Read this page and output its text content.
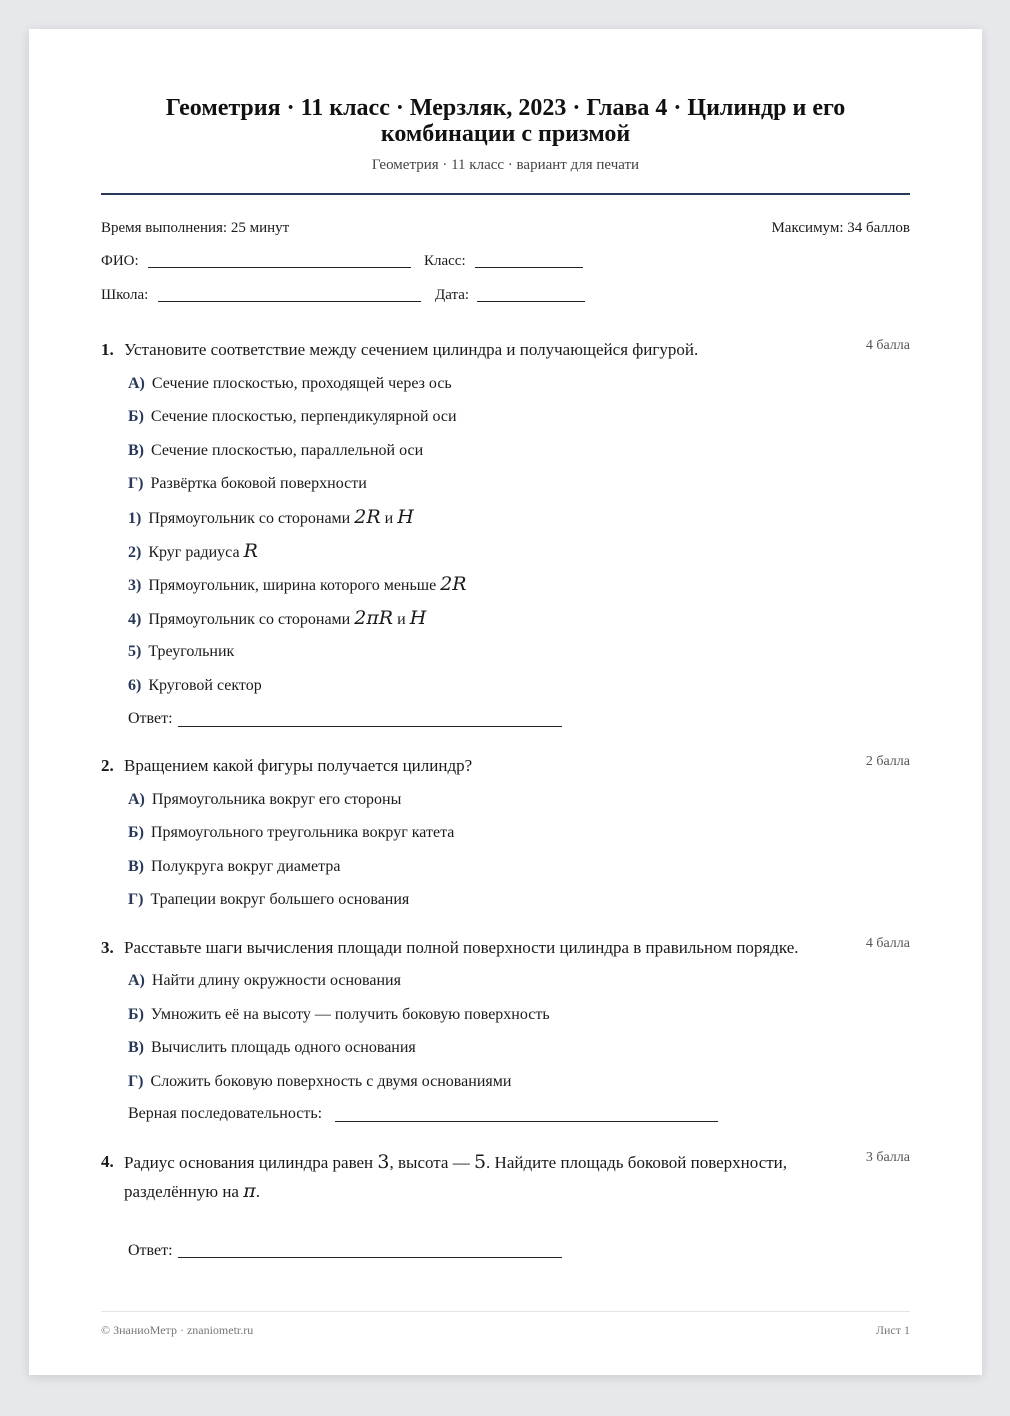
Геометрия · 11 класс · Мерзляк, 2023 · Глава 4 · Цилиндр и его
комбинации с призмой
Геометрия · 11 класс · вариант для печати
Время выполнения: 25 минут	Максимум: 34 баллов
ФИО:	Класс:
Школа:	Дата:
1. Установите соответствие между сечением цилиндра и получающейся фигурой.	4 балла
А) Сечение плоскостью, проходящей через ось
Б) Сечение плоскостью, перпендикулярной оси
В) Сечение плоскостью, параллельной оси
Г) Развёртка боковой поверхности
1) Прямоугольник со сторонами 2R и H
2) Круг радиуса R
3) Прямоугольник, ширина которого меньше 2R
4) Прямоугольник со сторонами 2πR и H
5) Треугольник
6) Круговой сектор
Ответ:
2. Вращением какой фигуры получается цилиндр?	2 балла
А) Прямоугольника вокруг его стороны
Б) Прямоугольного треугольника вокруг катета
В) Полукруга вокруг диаметра
Г) Трапеции вокруг большего основания
3. Расставьте шаги вычисления площади полной поверхности цилиндра в правильном порядке.	4 балла
А) Найти длину окружности основания
Б) Умножить её на высоту — получить боковую поверхность
В) Вычислить площадь одного основания
Г) Сложить боковую поверхность с двумя основаниями
Верная последовательность:
4. Радиус основания цилиндра равен 3, высота — 5. Найдите площадь боковой поверхности,
разделённую на π.
3 балла
Ответ:
© ЗнаниоМетр · znaniometr.ru	Лист 1
